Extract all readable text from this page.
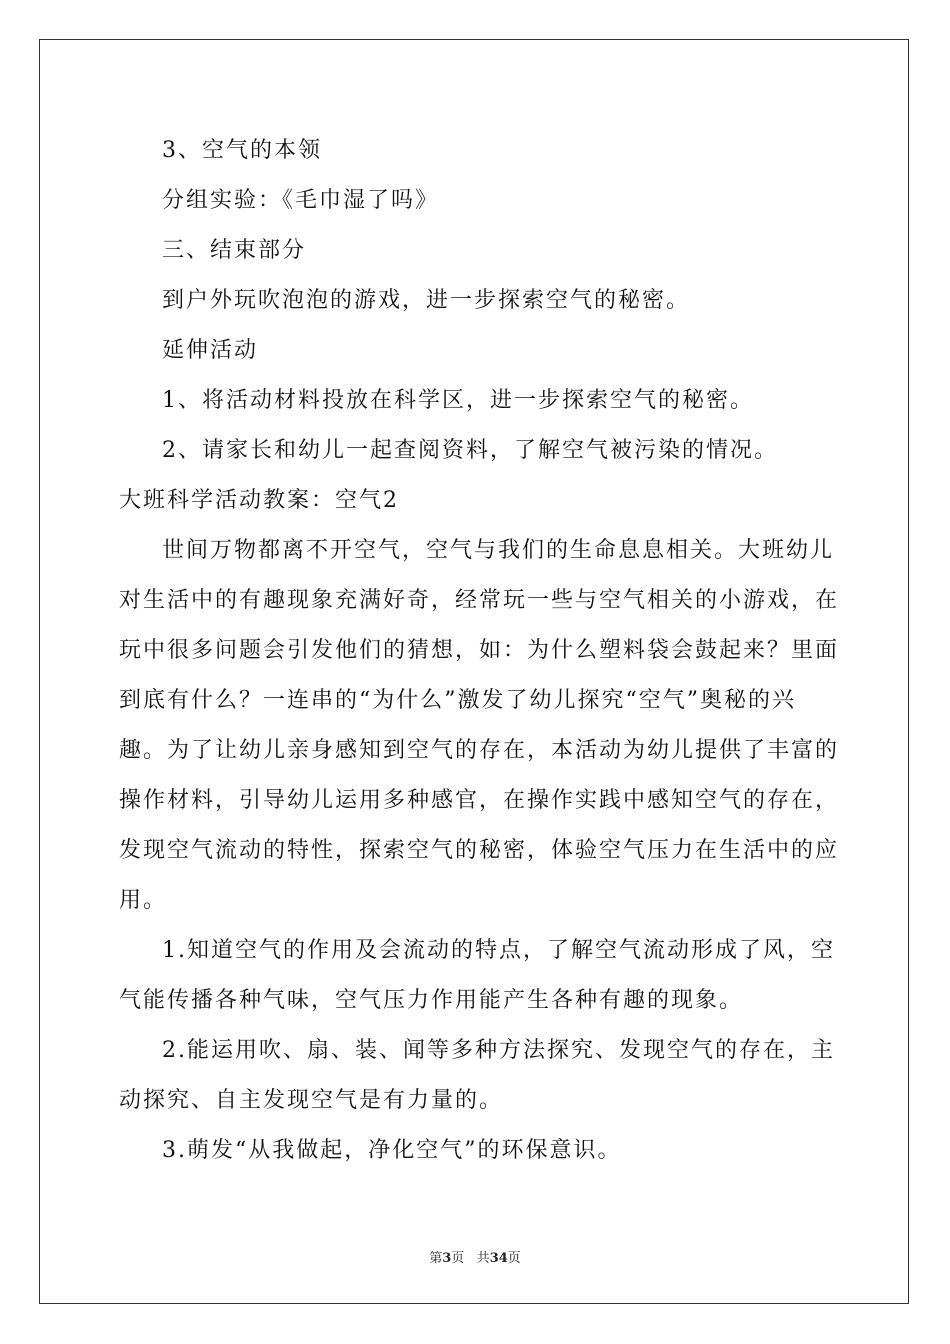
3、空气的本领
分组实验：《毛巾湿了吗》
三、结束部分
到户外玩吹泡泡的游戏，进一步探索空气的秘密。
延伸活动
1、将活动材料投放在科学区，进一步探索空气的秘密。
2、请家长和幼儿一起查阅资料，了解空气被污染的情况。
大班科学活动教案：空气2
世间万物都离不开空气，空气与我们的生命息息相关。大班幼儿
对生活中的有趣现象充满好奇，经常玩一些与空气相关的小游戏，在
玩中很多问题会引发他们的猜想，如：为什么塑料袋会鼓起来？里面
到底有什么？一连串的“为什么”激发了幼儿探究“空气”奥秘的兴
趣。为了让幼儿亲身感知到空气的存在，本活动为幼儿提供了丰富的
操作材料，引导幼儿运用多种感官，在操作实践中感知空气的存在，
发现空气流动的特性，探索空气的秘密，体验空气压力在生活中的应
用。
1.知道空气的作用及会流动的特点，了解空气流动形成了风，空
气能传播各种气味，空气压力作用能产生各种有趣的现象。
2.能运用吹、扇、装、闻等多种方法探究、发现空气的存在，主
动探究、自主发现空气是有力量的。
3.萌发“从我做起，净化空气”的环保意识。
第3页 共34页
